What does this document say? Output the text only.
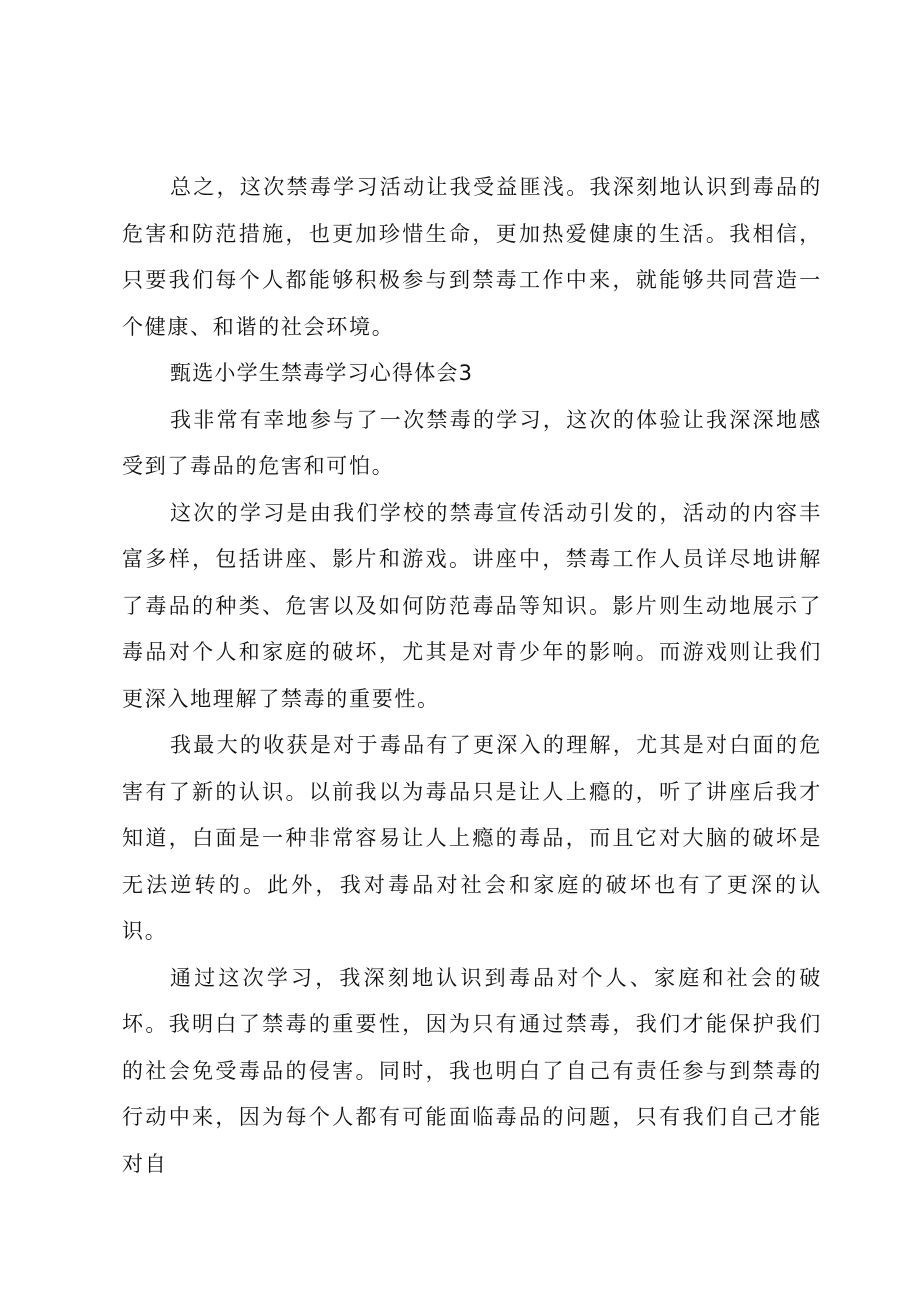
总之，这次禁毒学习活动让我受益匪浅。我深刻地认识到毒品的危害和防范措施，也更加珍惜生命，更加热爱健康的生活。我相信，只要我们每个人都能够积极参与到禁毒工作中来，就能够共同营造一个健康、和谐的社会环境。

甄选小学生禁毒学习心得体会3

我非常有幸地参与了一次禁毒的学习，这次的体验让我深深地感受到了毒品的危害和可怕。

这次的学习是由我们学校的禁毒宣传活动引发的，活动的内容丰富多样，包括讲座、影片和游戏。讲座中，禁毒工作人员详尽地讲解了毒品的种类、危害以及如何防范毒品等知识。影片则生动地展示了毒品对个人和家庭的破坏，尤其是对青少年的影响。而游戏则让我们更深入地理解了禁毒的重要性。

我最大的收获是对于毒品有了更深入的理解，尤其是对白面的危害有了新的认识。以前我以为毒品只是让人上瘾的，听了讲座后我才知道，白面是一种非常容易让人上瘾的毒品，而且它对大脑的破坏是无法逆转的。此外，我对毒品对社会和家庭的破坏也有了更深的认识。

通过这次学习，我深刻地认识到毒品对个人、家庭和社会的破坏。我明白了禁毒的重要性，因为只有通过禁毒，我们才能保护我们的社会免受毒品的侵害。同时，我也明白了自己有责任参与到禁毒的行动中来，因为每个人都有可能面临毒品的问题，只有我们自己才能对自
